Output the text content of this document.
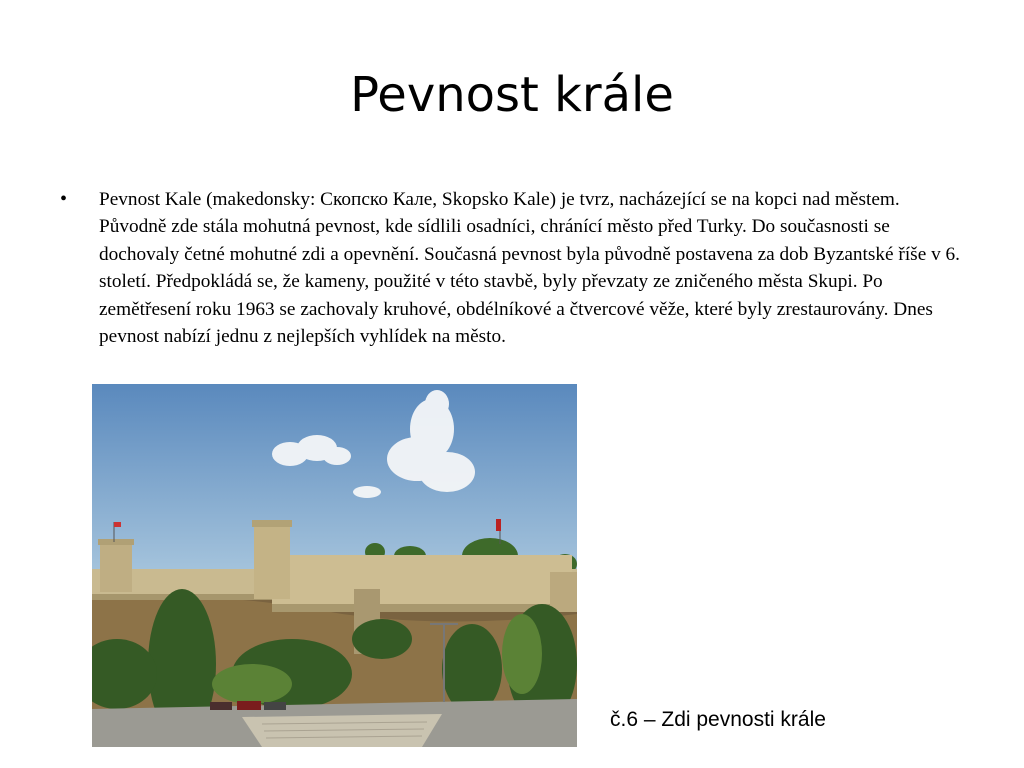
Pevnost krále
• Pevnost Kale (makedonsky: Скопско Кале, Skopsko Kale) je tvrz, nacházející se na kopci nad městem. Původně zde stála mohutná pevnost, kde sídlili osadníci, chránící město před Turky. Do současnosti se dochovaly četné mohutné zdi a opevnění. Současná pevnost byla původně postavena za dob Byzantské říše v 6. století. Předpokládá se, že kameny, použité v této stavbě, byly převzaty ze zničeného města Skupi. Po zemětřesení roku 1963 se zachovaly kruhové, obdélníkové a čtvercové věže, které byly zrestaurovány. Dnes pevnost nabízí jednu z nejlepších vyhlídek na město.

č.6 – Zdi pevnosti krále
